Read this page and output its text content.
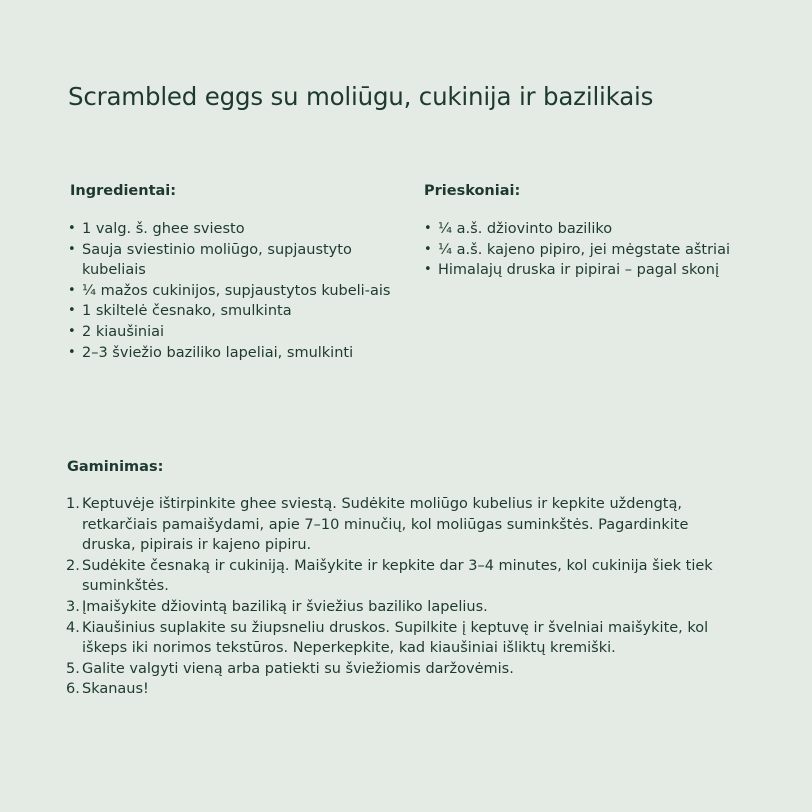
Scrambled eggs su moliūgu, cukinija ir bazilikais
Ingredientai:
• 1 valg. š. ghee sviesto
• Sauja sviestinio moliūgo, supjaustyto kubeliais
• ¼ mažos cukinijos, supjaustytos kubeli-ais
• 1 skiltelė česnako, smulkinta
• 2 kiaušiniai
• 2–3 šviežio baziliko lapeliai, smulkinti
Prieskoniai:
• ¼ a.š. džiovinto baziliko
• ¼ a.š. kajeno pipiro, jei mėgstate aštriai
• Himalajų druska ir pipirai – pagal skonį
Gaminimas:
1. Keptuvėje ištirpinkite ghee sviestą. Sudėkite moliūgo kubelius ir kepkite uždengtą, retkarčiais pamaišydami, apie 7–10 minučių, kol moliūgas suminkštės. Pagardinkite druska, pipirais ir kajeno pipiru.
2. Sudėkite česnaką ir cukiniją. Maišykite ir kepkite dar 3–4 minutes, kol cukinija šiek tiek suminkštės.
3. Įmaišykite džiovintą baziliką ir šviežius baziliko lapelius.
4. Kiaušinius suplakite su žiupsneliu druskos. Supilkite į keptuvę ir švelniai maišykite, kol iškeps iki norimos tekstūros. Neperkepkite, kad kiaušiniai išliktų kremiški.
5. Galite valgyti vieną arba patiekti su šviežiomis daržovėmis.
6. Skanaus!
